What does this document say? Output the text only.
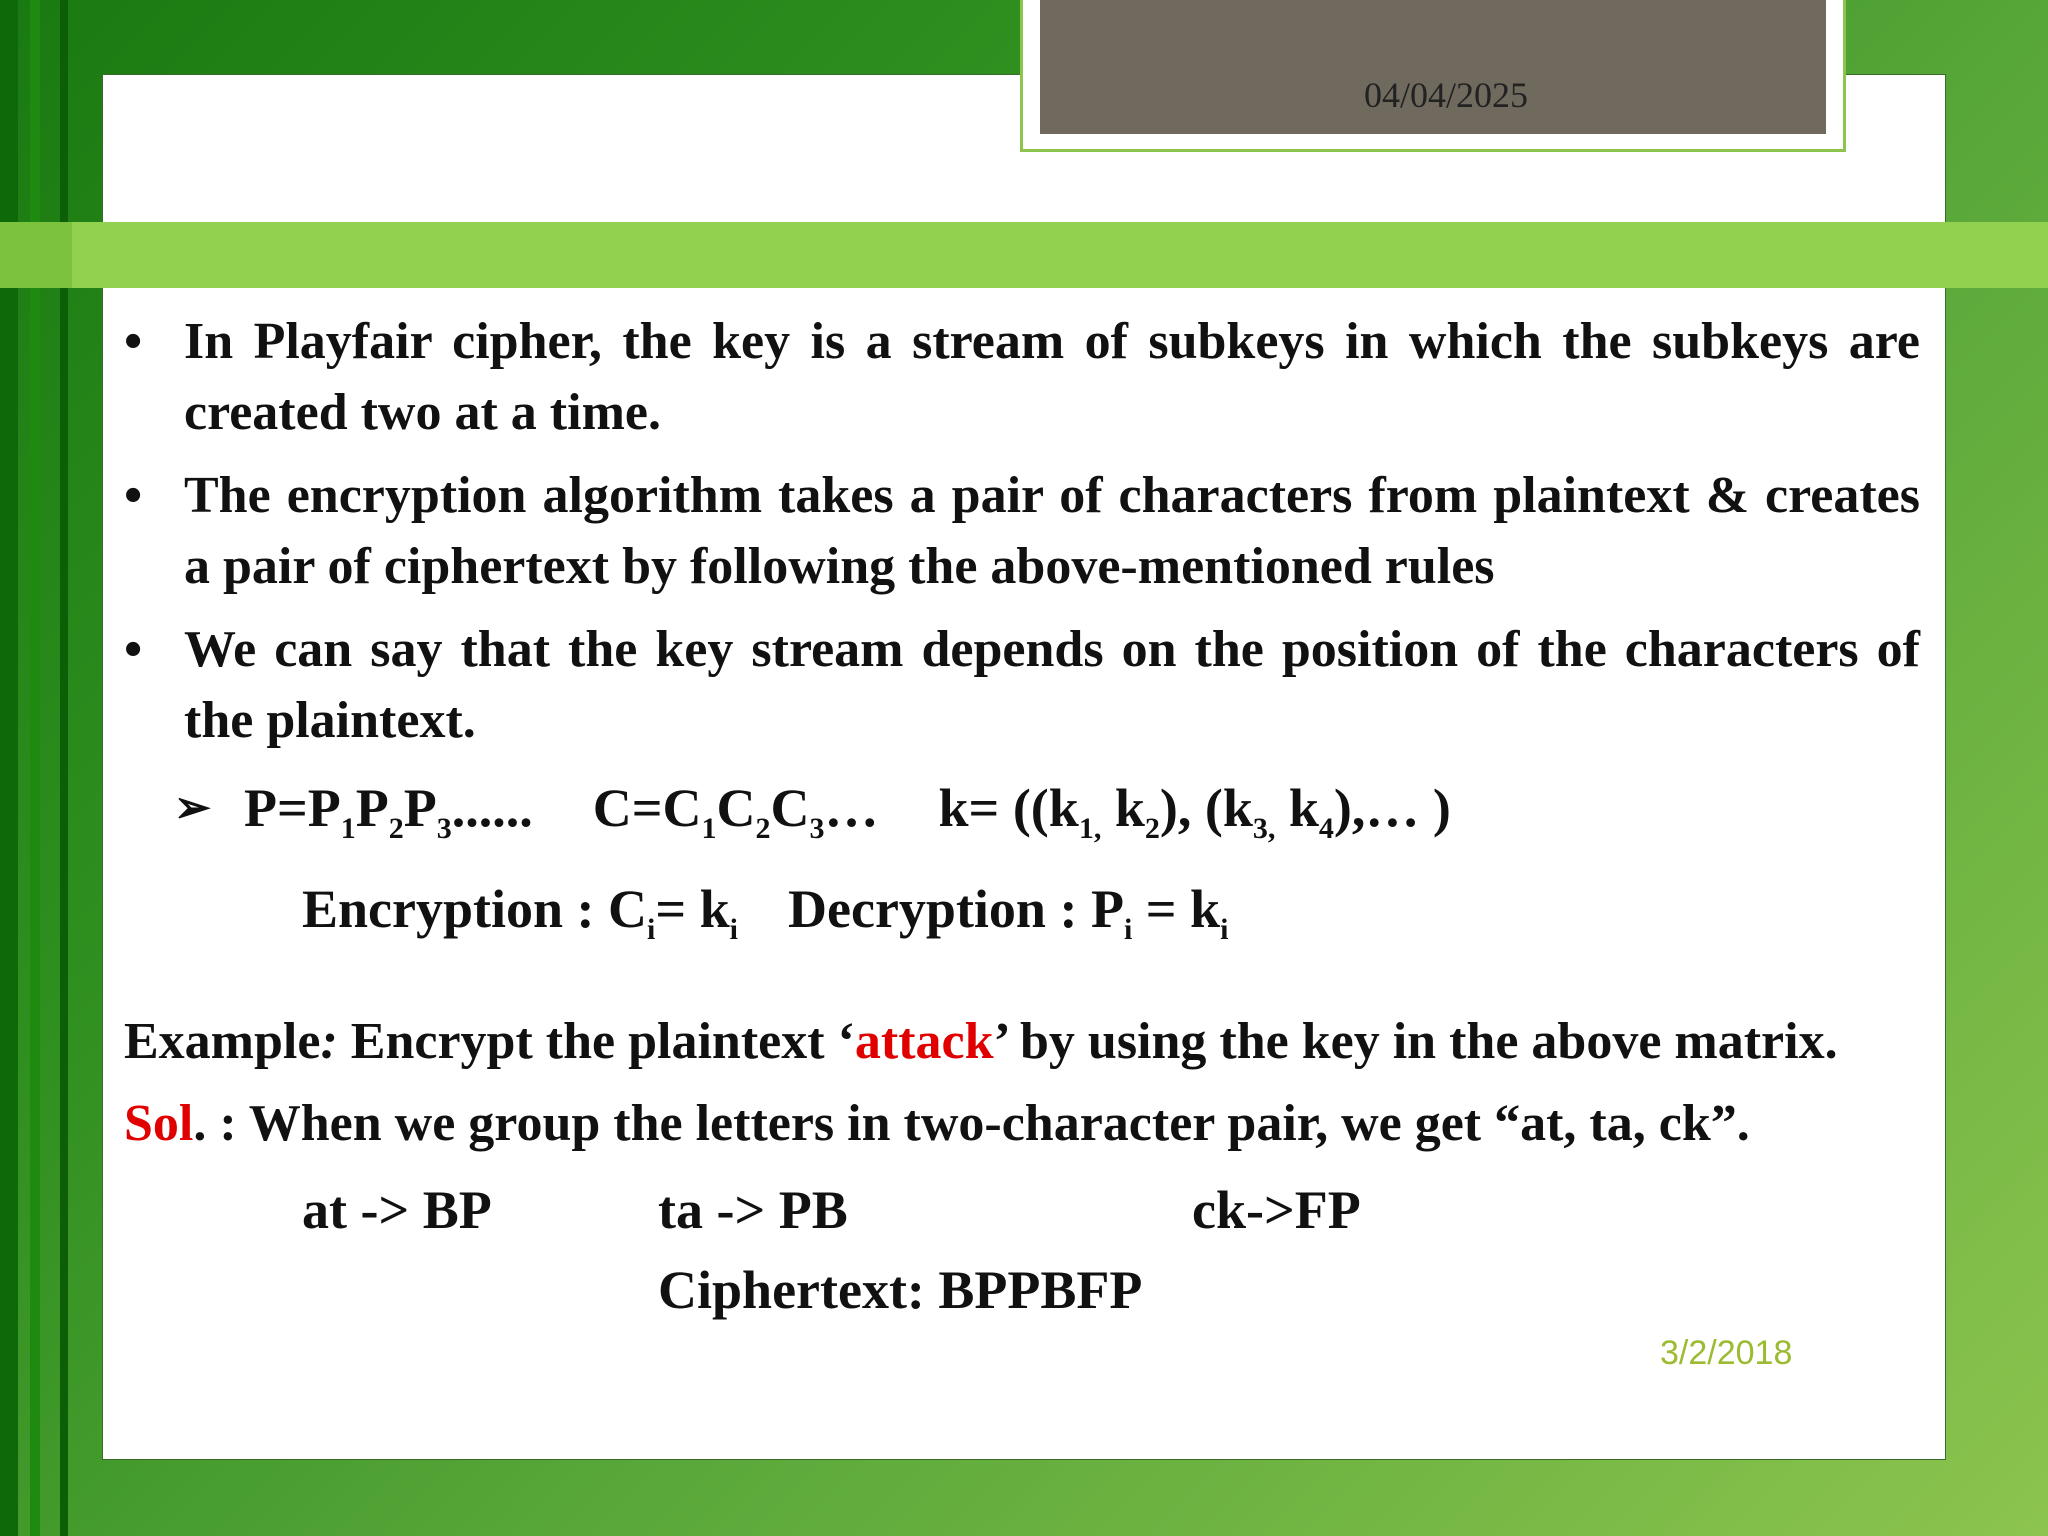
04/04/2025
• In Playfair cipher, the key is a stream of subkeys in which the subkeys are created two at a time.
• The encryption algorithm takes a pair of characters from plaintext & creates a pair of ciphertext by following the above-mentioned rules
• We can say that the key stream depends on the position of the characters of the plaintext.
➢ $P=P_1P_2P_3$...... $C=C_1C_2C_3\dots$ $k= ((k_{1,}$ $k_2$), ($k_{3,}$ $k_4),\dots$ )
Encryption : $C_i= k_i$ Decryption : $P_i = k_i$
Example: Encrypt the plaintext ‘attack’ by using the key in the above matrix.
Sol. : When we group the letters in two-character pair, we get “at, ta, ck”.
at -> BP	ta -> PB	ck->FP
Ciphertext: BPPBFP
3/2/2018
